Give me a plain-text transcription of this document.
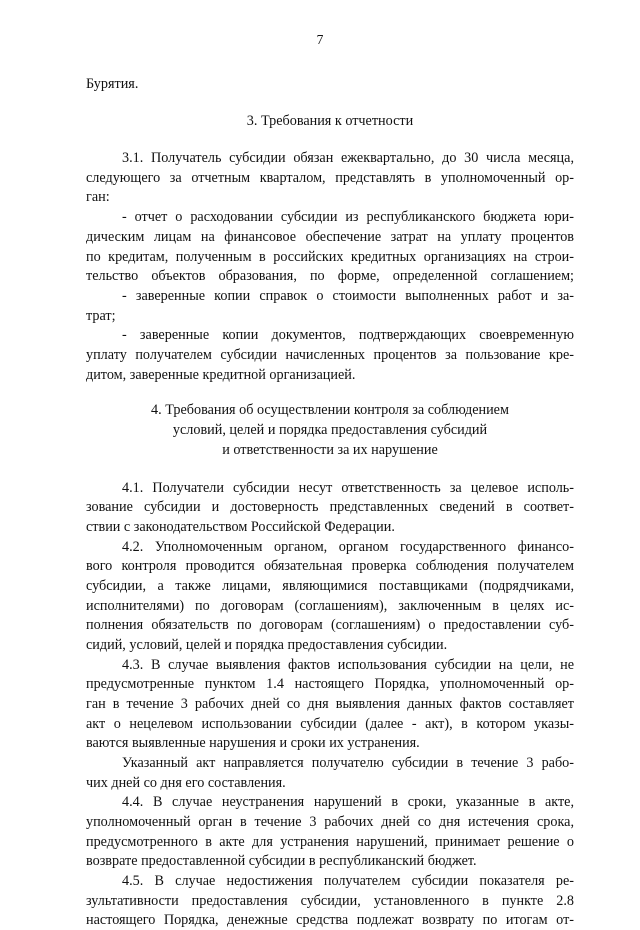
7
Бурятия.
3. Требования к отчетности
3.1. Получатель субсидии обязан ежеквартально, до 30 числа месяца,
следующего за отчетным кварталом, представлять в уполномоченный ор-
ган:
- отчет о расходовании субсидии из республиканского бюджета юри-
дическим лицам на финансовое обеспечение затрат на уплату процентов
по кредитам, полученным в российских кредитных организациях на строи-
тельство объектов образования, по форме, определенной соглашением;
- заверенные копии справок о стоимости выполненных работ и за-
трат;
- заверенные копии документов, подтверждающих своевременную
уплату получателем субсидии начисленных процентов за пользование кре-
дитом, заверенные кредитной организацией.
4. Требования об осуществлении контроля за соблюдением
условий, целей и порядка предоставления субсидий
и ответственности за их нарушение
4.1. Получатели субсидии несут ответственность за целевое исполь-
зование субсидии и достоверность представленных сведений в соответ-
ствии с законодательством Российской Федерации.
4.2. Уполномоченным органом, органом государственного финансо-
вого контроля проводится обязательная проверка соблюдения получателем
субсидии, а также лицами, являющимися поставщиками (подрядчиками,
исполнителями) по договорам (соглашениям), заключенным в целях ис-
полнения обязательств по договорам (соглашениям) о предоставлении суб-
сидий, условий, целей и порядка предоставления субсидии.
4.3. В случае выявления фактов использования субсидии на цели, не
предусмотренные пунктом 1.4 настоящего Порядка, уполномоченный ор-
ган в течение 3 рабочих дней со дня выявления данных фактов составляет
акт о нецелевом использовании субсидии (далее - акт), в котором указы-
ваются выявленные нарушения и сроки их устранения.
Указанный акт направляется получателю субсидии в течение 3 рабо-
чих дней со дня его составления.
4.4. В случае неустранения нарушений в сроки, указанные в акте,
уполномоченный орган в течение 3 рабочих дней со дня истечения срока,
предусмотренного в акте для устранения нарушений, принимает решение о
возврате предоставленной субсидии в республиканский бюджет.
4.5. В случае недостижения получателем субсидии показателя ре-
зультативности предоставления субсидии, установленного в пункте 2.8
настоящего Порядка, денежные средства подлежат возврату по итогам от-
